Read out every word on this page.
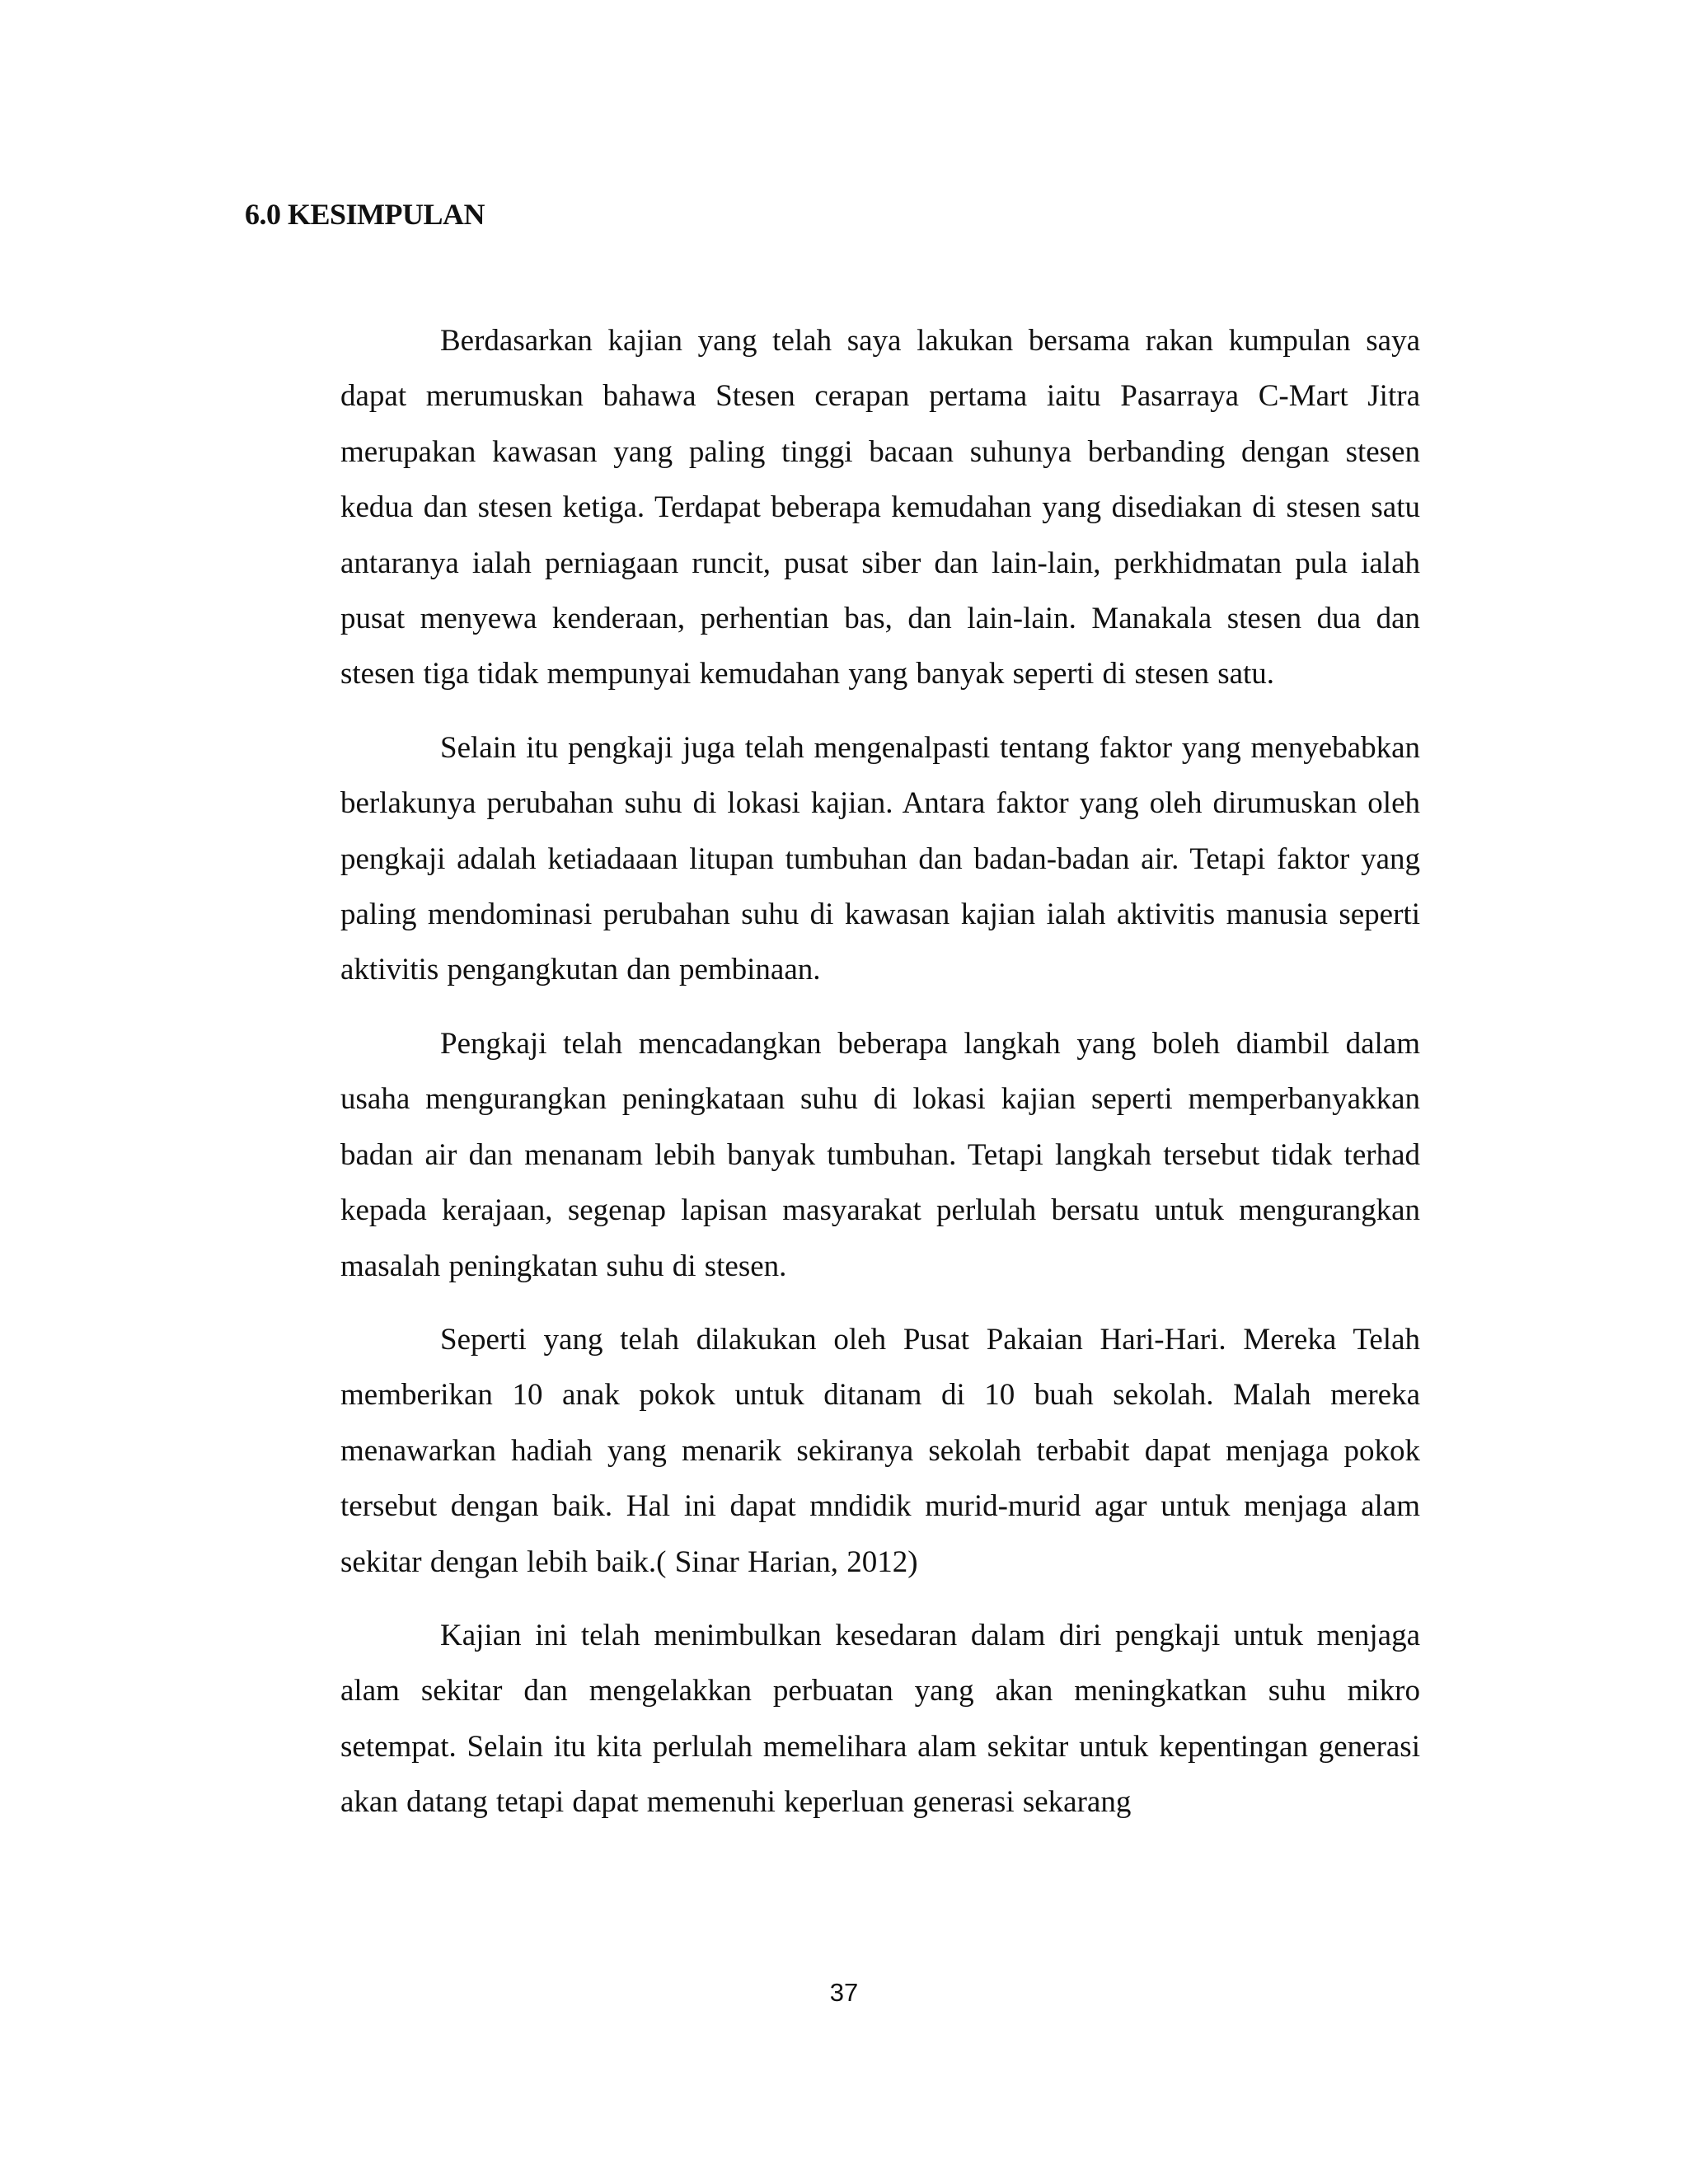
6.0 KESIMPULAN

Berdasarkan kajian yang telah saya lakukan bersama rakan kumpulan saya dapat merumuskan bahawa Stesen cerapan pertama iaitu Pasarraya C-Mart Jitra merupakan kawasan yang paling tinggi bacaan suhunya berbanding dengan stesen kedua dan stesen ketiga. Terdapat beberapa kemudahan yang disediakan di stesen satu antaranya ialah perniagaan runcit, pusat siber dan lain-lain, perkhidmatan pula ialah pusat menyewa kenderaan, perhentian bas, dan lain-lain. Manakala stesen dua dan stesen tiga tidak mempunyai kemudahan yang banyak seperti di stesen satu.

Selain itu pengkaji juga telah mengenalpasti tentang faktor yang menyebabkan berlakunya perubahan suhu di lokasi kajian. Antara faktor yang oleh dirumuskan oleh pengkaji adalah ketiadaaan litupan tumbuhan dan badan-badan air. Tetapi faktor yang paling mendominasi perubahan suhu di kawasan kajian ialah aktivitis manusia seperti aktivitis pengangkutan dan pembinaan.

Pengkaji telah mencadangkan beberapa langkah yang boleh diambil dalam usaha mengurangkan peningkataan suhu di lokasi kajian seperti memperbanyakkan badan air dan menanam lebih banyak tumbuhan. Tetapi langkah tersebut tidak terhad kepada kerajaan, segenap lapisan masyarakat perlulah bersatu untuk mengurangkan masalah peningkatan suhu di stesen.

Seperti yang telah dilakukan oleh Pusat Pakaian Hari-Hari. Mereka Telah memberikan 10 anak pokok untuk ditanam di 10 buah sekolah. Malah mereka menawarkan hadiah yang menarik sekiranya sekolah terbabit dapat menjaga pokok tersebut dengan baik. Hal ini dapat mndidik murid-murid agar untuk menjaga alam sekitar dengan lebih baik.( Sinar Harian, 2012)

Kajian ini telah menimbulkan kesedaran dalam diri pengkaji untuk menjaga alam sekitar dan mengelakkan perbuatan yang akan meningkatkan suhu mikro setempat. Selain itu kita perlulah memelihara alam sekitar untuk kepentingan generasi akan datang tetapi dapat memenuhi keperluan generasi sekarang

37
